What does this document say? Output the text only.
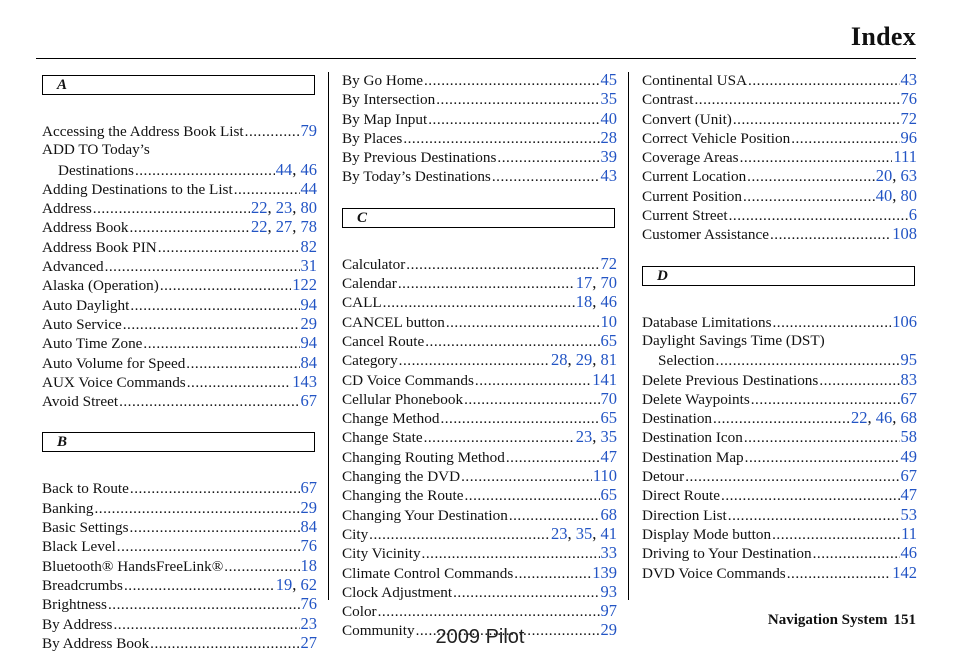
Index
A
Accessing the Address Book List .....	79
ADD TO Today’s
Destinations .....	44, 46
Adding Destinations to the List .....	44
Address .....	22, 23, 80
Address Book .....	22, 27, 78
Address Book PIN .....	82
Advanced .....	31
Alaska (Operation) .....	122
Auto Daylight .....	94
Auto Service .....	29
Auto Time Zone .....	94
Auto Volume for Speed .....	84
AUX Voice Commands .....	143
Avoid Street .....	67
B
Back to Route .....	67
Banking .....	29
Basic Settings .....	84
Black Level .....	76
Bluetooth® HandsFreeLink® .....	18
Breadcrumbs .....	19, 62
Brightness .....	76
By Address .....	23
By Address Book .....	27
By Go Home .....	45
By Intersection .....	35
By Map Input .....	40
By Places .....	28
By Previous Destinations .....	39
By Today’s Destinations .....	43
C
Calculator .....	72
Calendar .....	17, 70
CALL .....	18, 46
CANCEL button .....	10
Cancel Route .....	65
Category .....	28, 29, 81
CD Voice Commands .....	141
Cellular Phonebook .....	70
Change Method .....	65
Change State .....	23, 35
Changing Routing Method .....	47
Changing the DVD .....	110
Changing the Route .....	65
Changing Your Destination .....	68
City .....	23, 35, 41
City Vicinity .....	33
Climate Control Commands .....	139
Clock Adjustment .....	93
Color .....	97
Community .....	29
Continental USA .....	43
Contrast .....	76
Convert (Unit) .....	72
Correct Vehicle Position .....	96
Coverage Areas .....	111
Current Location .....	20, 63
Current Position .....	40, 80
Current Street .....	6
Customer Assistance .....	108
D
Database Limitations .....	106
Daylight Savings Time (DST)
Selection .....	95
Delete Previous Destinations .....	83
Delete Waypoints .....	67
Destination .....	22, 46, 68
Destination Icon .....	58
Destination Map .....	49
Detour .....	67
Direct Route .....	47
Direction List .....	53
Display Mode button .....	11
Driving to Your Destination .....	46
DVD Voice Commands .....	142
Navigation System 151
2009 Pilot
